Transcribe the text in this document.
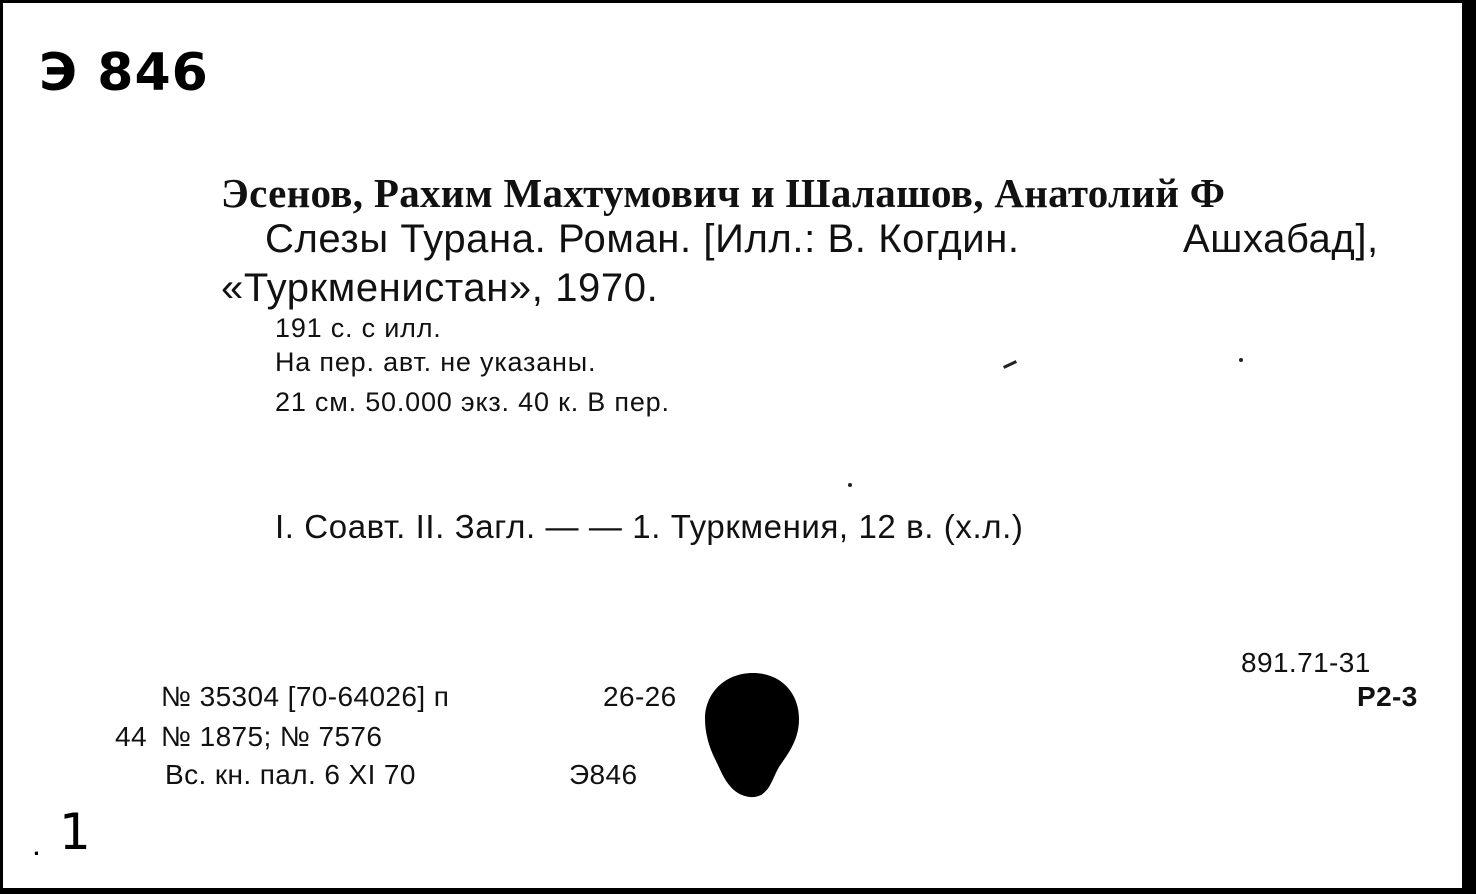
Э 846
Эсенов, Рахим Махтумович и Шалашов, Анатолий Ф
Слезы Турана. Роман. [Илл.: В. Когдин.	Ашхабад],
«Туркменистан», 1970.
191 с. с илл.
На пер. авт. не указаны.
21 см. 50.000 экз. 40 к. В пер.
I. Соавт. II. Загл. — — 1. Туркмения, 12 в. (х.л.)
891.71-31
Р2-3
№ 35304 [70-64026] п	26-26
44 № 1875; № 7576
Вс. кн. пал. 6 XI 70	Э846
1
.
